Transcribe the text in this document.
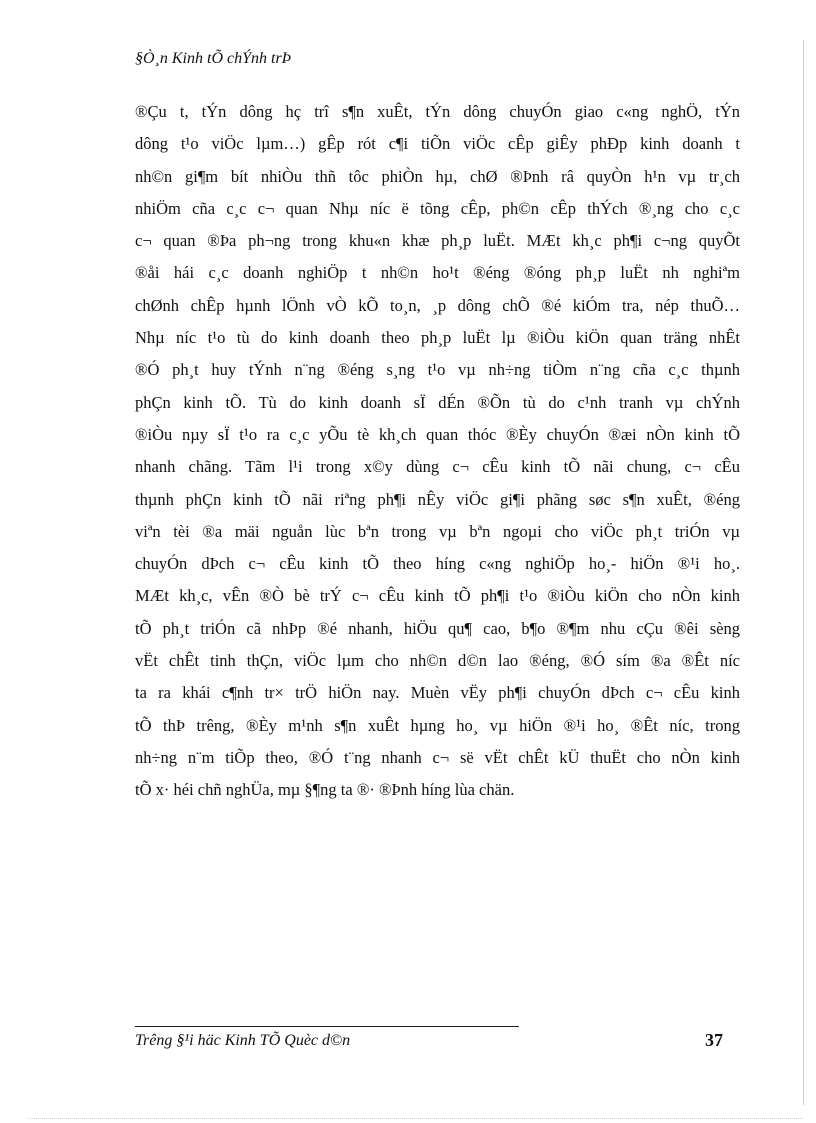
§Ò¸n Kinh tÕ chÝnh trÞ
®Çu t, tÝn dông hç trî s¶n xuÊt, tÝn dông chuyÓn giao c«ng nghÖ, tÝn
dông t¹o viÖc lµm…) gÊp rót c¶i tiÕn viÖc cÊp giÊy phÐp kinh doanh t
nh©n gi¶m bít nhiÒu thñ tôc phiÒn hµ, chØ ®Þnh râ quyÒn h¹n vµ tr¸ch
nhiÖm cña c¸c c¬ quan Nhµ níc ë tõng cÊp, ph©n cÊp thÝch ®¸ng cho c¸c
c¬ quan ®Þa ph¬ng trong khu«n khæ ph¸p luËt. MÆt kh¸c ph¶i c¬ng quyÕt
®åi hái c¸c doanh nghiÖp t nh©n ho¹t ®éng ®óng ph¸p luËt nh nghiªm
chØnh chÊp hµnh lÖnh vÒ kÕ to¸n, ¸p dông chÕ ®é kiÓm tra, nép thuÕ…
Nhµ níc t¹o tù do kinh doanh theo ph¸p luËt lµ ®iÒu kiÖn quan träng nhÊt
®Ó ph¸t huy tÝnh n¨ng ®éng s¸ng t¹o vµ nh÷ng tiÒm n¨ng cña c¸c thµnh
phÇn kinh tÕ. Tù do kinh doanh sÏ dÉn ®Õn tù do c¹nh tranh vµ chÝnh
®iÒu nµy sÏ t¹o ra c¸c yÕu tè kh¸ch quan thóc ®Èy chuyÓn ®æi nÒn kinh tÕ
nhanh chãng. Tãm l¹i trong x©y dùng c¬ cÊu kinh tÕ nãi chung, c¬ cÊu
thµnh phÇn kinh tÕ nãi riªng ph¶i nÊy viÖc gi¶i phãng søc s¶n xuÊt, ®éng
viªn tèi ®a mäi nguån lùc bªn trong vµ bªn ngoµi cho viÖc ph¸t triÓn vµ
chuyÓn dÞch c¬ cÊu kinh tÕ theo híng c«ng nghiÖp ho¸- hiÖn ®¹i ho¸.
MÆt kh¸c, vÊn ®Ò bè trÝ c¬ cÊu kinh tÕ ph¶i t¹o ®iÒu kiÖn cho nÒn kinh
tÕ ph¸t triÓn cã nhÞp ®é nhanh, hiÖu qu¶ cao, b¶o ®¶m nhu cÇu ®êi sèng
vËt chÊt tinh thÇn, viÖc lµm cho nh©n d©n lao ®éng, ®Ó sím ®a ®Êt níc
ta ra khái c¶nh tr× trÖ hiÖn nay. Muèn vËy ph¶i chuyÓn dÞch c¬ cÊu kinh
tÕ thÞ trêng, ®Èy m¹nh s¶n xuÊt hµng ho¸ vµ hiÖn ®¹i ho¸ ®Êt níc, trong
nh÷ng n¨m tiÕp theo, ®Ó t¨ng nhanh c¬ së vËt chÊt kÜ thuËt cho nÒn kinh
tÕ x· héi chñ nghÜa, mµ §¶ng ta ®· ®Þnh híng lùa chän.
Trêng §¹i häc Kinh TÕ Quèc d©n	37
